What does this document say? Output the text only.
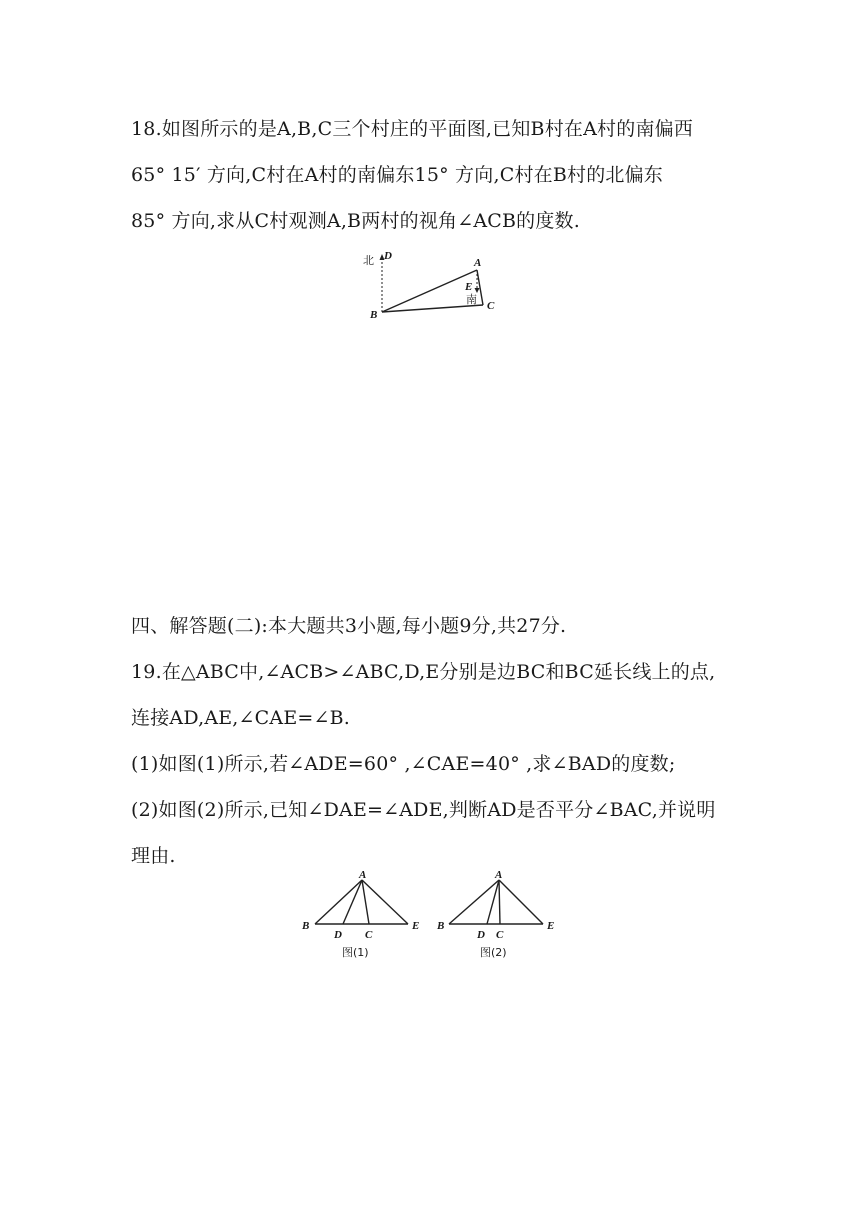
18.如图所示的是A,B,C三个村庄的平面图,已知B村在A村的南偏西
65° 15′ 方向,C村在A村的南偏东15° 方向,C村在B村的北偏东
85° 方向,求从C村观测A,B两村的视角∠ACB的度数.
北 D
A
E
南
B
C
四、解答题(二):本大题共3小题,每小题9分,共27分.
19.在△ABC中,∠ACB>∠ABC,D,E分别是边BC和BC延长线上的点,
连接AD,AE,∠CAE=∠B.
(1)如图(1)所示,若∠ADE=60° ,∠CAE=40° ,求∠BAD的度数;
(2)如图(2)所示,已知∠DAE=∠ADE,判断AD是否平分∠BAC,并说明
理由.
A
B
D C
E
图(1)
A
B
D C
E
图(2)
